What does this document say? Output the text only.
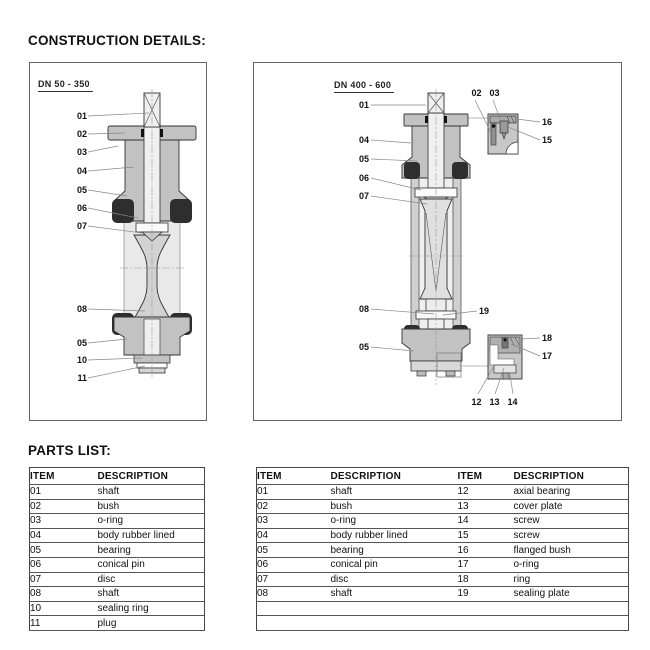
CONSTRUCTION DETAILS:
DN 50 - 350
01
02
03
04
05
06
07
08
05
10
11
DN 400 - 600
01
04
05
06
07
02 03
16
15
08	19
05
18
17
12 13 14
PARTS LIST:
ITEM	DESCRIPTION
01	shaft
02	bush
03	o-ring
04	body rubber lined
05	bearing
06	conical pin
07	disc
08	shaft
10	sealing ring
11	plug
ITEM	DESCRIPTION	ITEM	DESCRIPTION
01	shaft	12	axial bearing
02	bush	13	cover plate
03	o-ring	14	screw
04	body rubber lined	15	screw
05	bearing	16	flanged bush
06	conical pin	17	o-ring
07	disc	18	ring
08	shaft	19	sealing plate
